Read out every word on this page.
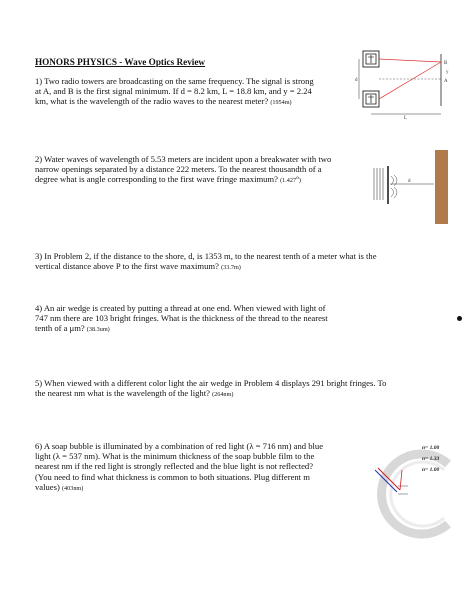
HONORS PHYSICS - Wave Optics Review
1) Two radio towers are broadcasting on the same frequency. The signal is strong
at A, and B is the first signal minimum. If d = 8.2 km, L = 18.8 km, and y = 2.24
km, what is the wavelength of the radio waves to the nearest meter? (1954m)
B
y
A
d
L
2) Water waves of wavelength of 5.53 meters are incident upon a breakwater with two
narrow openings separated by a distance 222 meters. To the nearest thousandth of a
degree what is angle corresponding to the first wave fringe maximum? (1.427o)	d
3) In Problem 2, if the distance to the shore, d, is 1353 m, to the nearest tenth of a meter what is the
vertical distance above P to the first wave maximum? (33.7m)
4) An air wedge is created by putting a thread at one end. When viewed with light of
747 nm there are 103 bright fringes. What is the thickness of the thread to the nearest
tenth of a μm? (38.3um)
5) When viewed with a different color light the air wedge in Problem 4 displays 291 bright fringes. To
the nearest nm what is the wavelength of the light? (264nm)
6) A soap bubble is illuminated by a combination of red light (λ = 716 nm) and blue
light (λ = 537 nm). What is the minimum thickness of the soap bubble film to the
nearest nm if the red light is strongly reflected and the blue light is not reflected?
(You need to find what thickness is common to both situations. Plug different m
values) (403nm)
n= 1.00
n= 1.33
n= 1.00
